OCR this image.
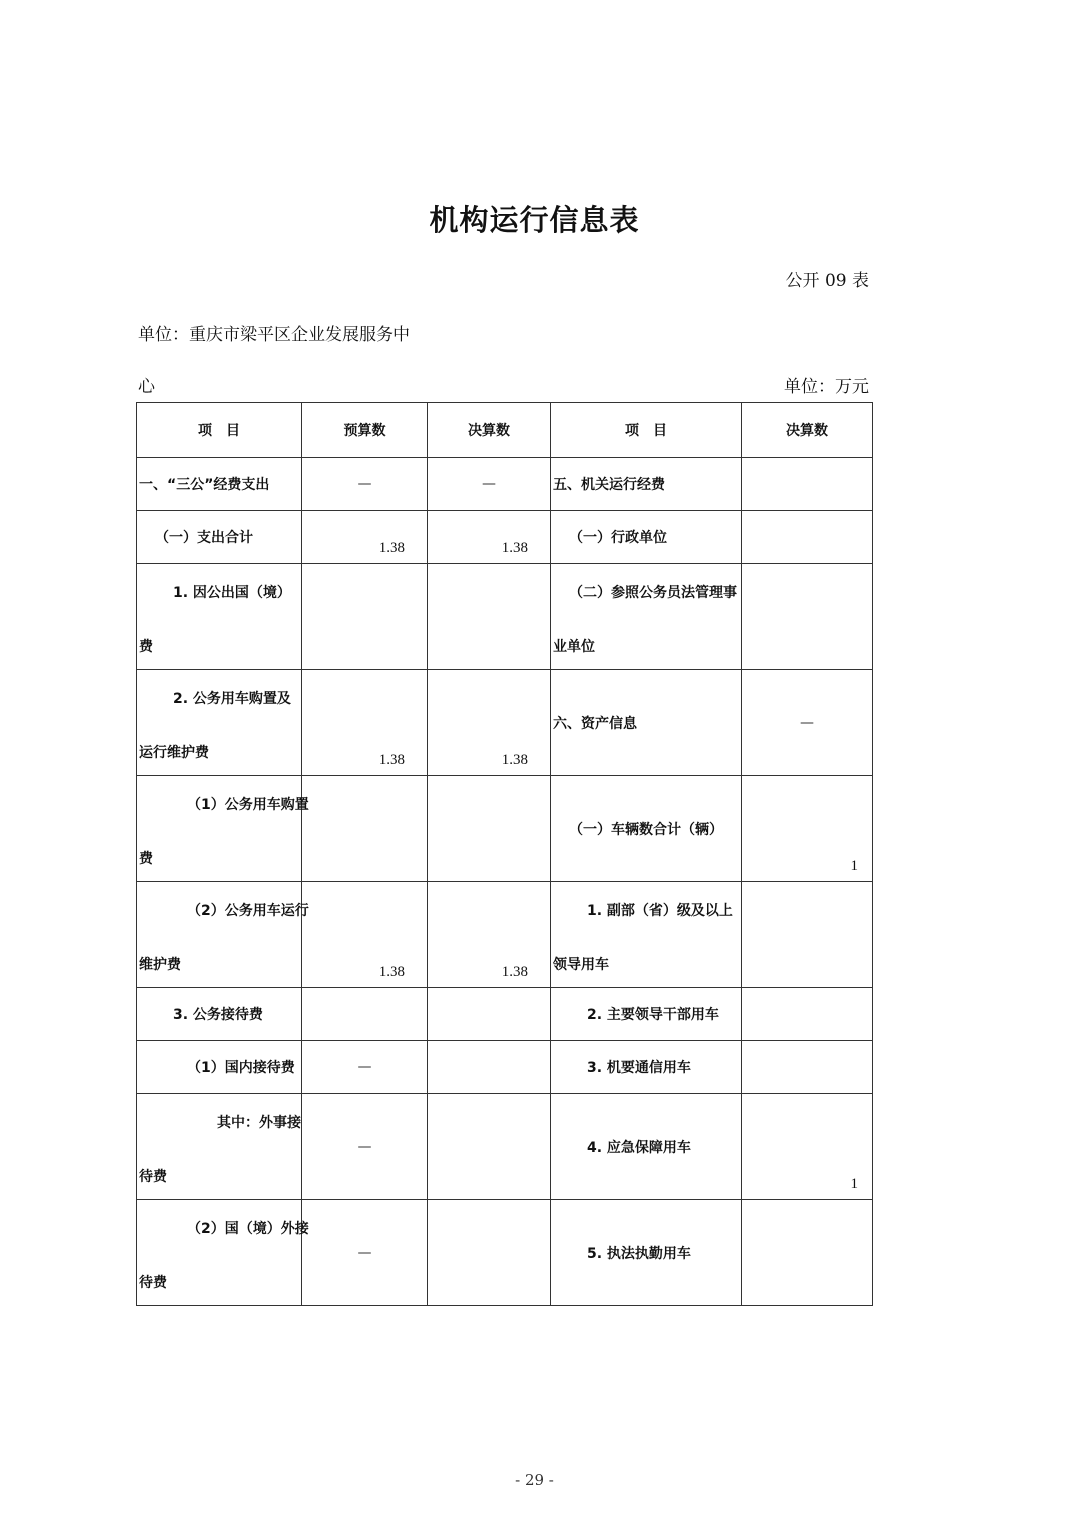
机构运行信息表
公开 09 表
单位：重庆市梁平区企业发展服务中
心	单位：万元
项　目	预算数	决算数	项　目	决算数

一、“三公”经费支出	—	—	五、机关运行经费	

（一）支出合计	1.38	1.38	（一）行政单位	

1. 因公出国（境）
费			（二）参照公务员法管理事
业单位	

2. 公务用车购置及
运行维护费	1.38	1.38	六、资产信息	—

（1）公务用车购置
费			（一）车辆数合计（辆）	1

（2）公务用车运行
维护费	1.38	1.38	1. 副部（省）级及以上
领导用车	

3. 公务接待费			2. 主要领导干部用车	

（1）国内接待费	—		3. 机要通信用车	

其中：外事接
待费	—		4. 应急保障用车	1

（2）国（境）外接
待费	—		5. 执法执勤用车	

- 29 -
